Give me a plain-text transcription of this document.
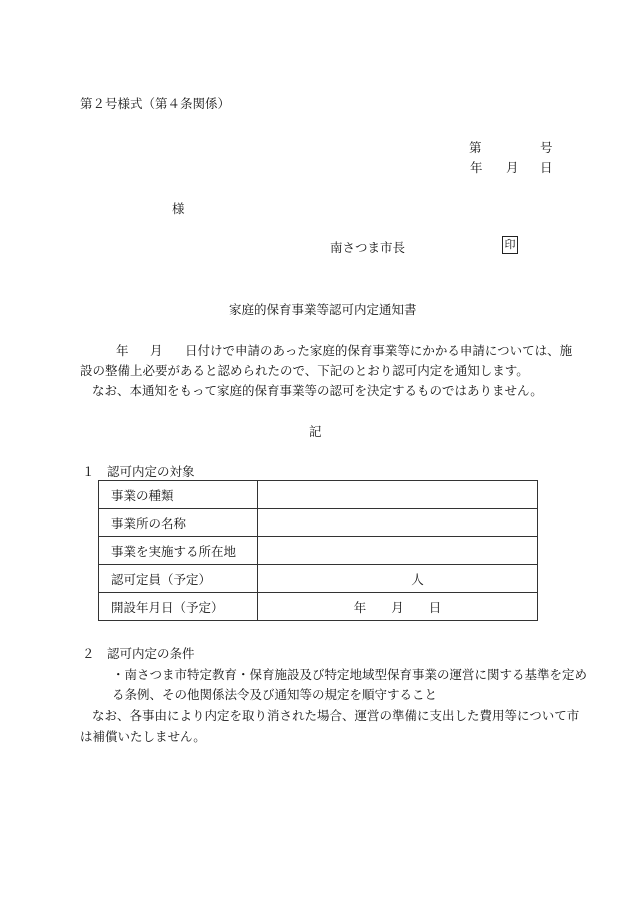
第２号様式（第４条関係）
第	号
年 月 日
様
南さつま市長	印
家庭的保育事業等認可内定通知書
年 月 日付けで申請のあった家庭的保育事業等にかかる申請については、施
設の整備上必要があると認められたので、下記のとおり認可内定を通知します。
なお、本通知をもって家庭的保育事業等の認可を決定するものではありません。
記
１　認可内定の対象
事業の種類	
事業所の名称	
事業を実施する所在地	
認可定員（予定）	人
開設年月日（予定）	年　　月　　日
２　認可内定の条件
・南さつま市特定教育・保育施設及び特定地域型保育事業の運営に関する基準を定め
る条例、その他関係法令及び通知等の規定を順守すること
なお、各事由により内定を取り消された場合、運営の準備に支出した費用等について市
は補償いたしません。
